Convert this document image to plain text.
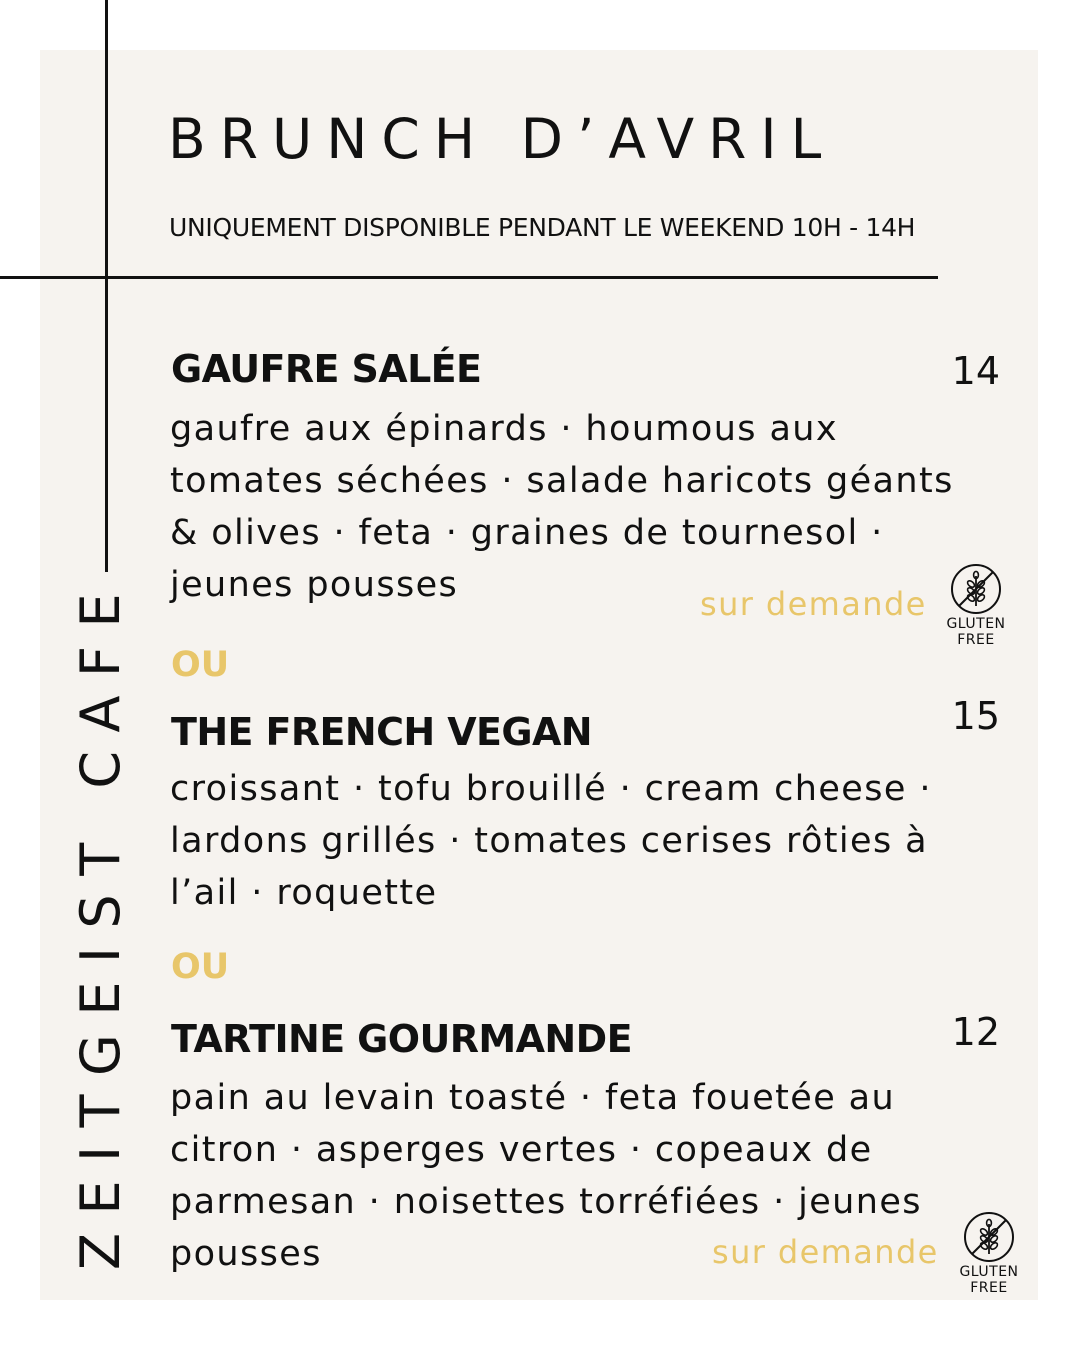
BRUNCH D’AVRIL
UNIQUEMENT DISPONIBLE PENDANT LE WEEKEND 10H - 14H
ZEITGEIST CAFE
GAUFRE SALÉE	14
gaufre aux épinards · houmous aux
tomates séchées · salade haricots géants
& olives · feta · graines de tournesol ·
jeunes pousses	sur demande
GLUTEN
FREE
OU
THE FRENCH VEGAN	15
croissant · tofu brouillé · cream cheese ·
lardons grillés · tomates cerises rôties à
l’ail · roquette
OU
TARTINE GOURMANDE	12
pain au levain toasté · feta fouetée au
citron · asperges vertes · copeaux de
parmesan · noisettes torréfiées · jeunes
pousses	sur demande
GLUTEN
FREE
